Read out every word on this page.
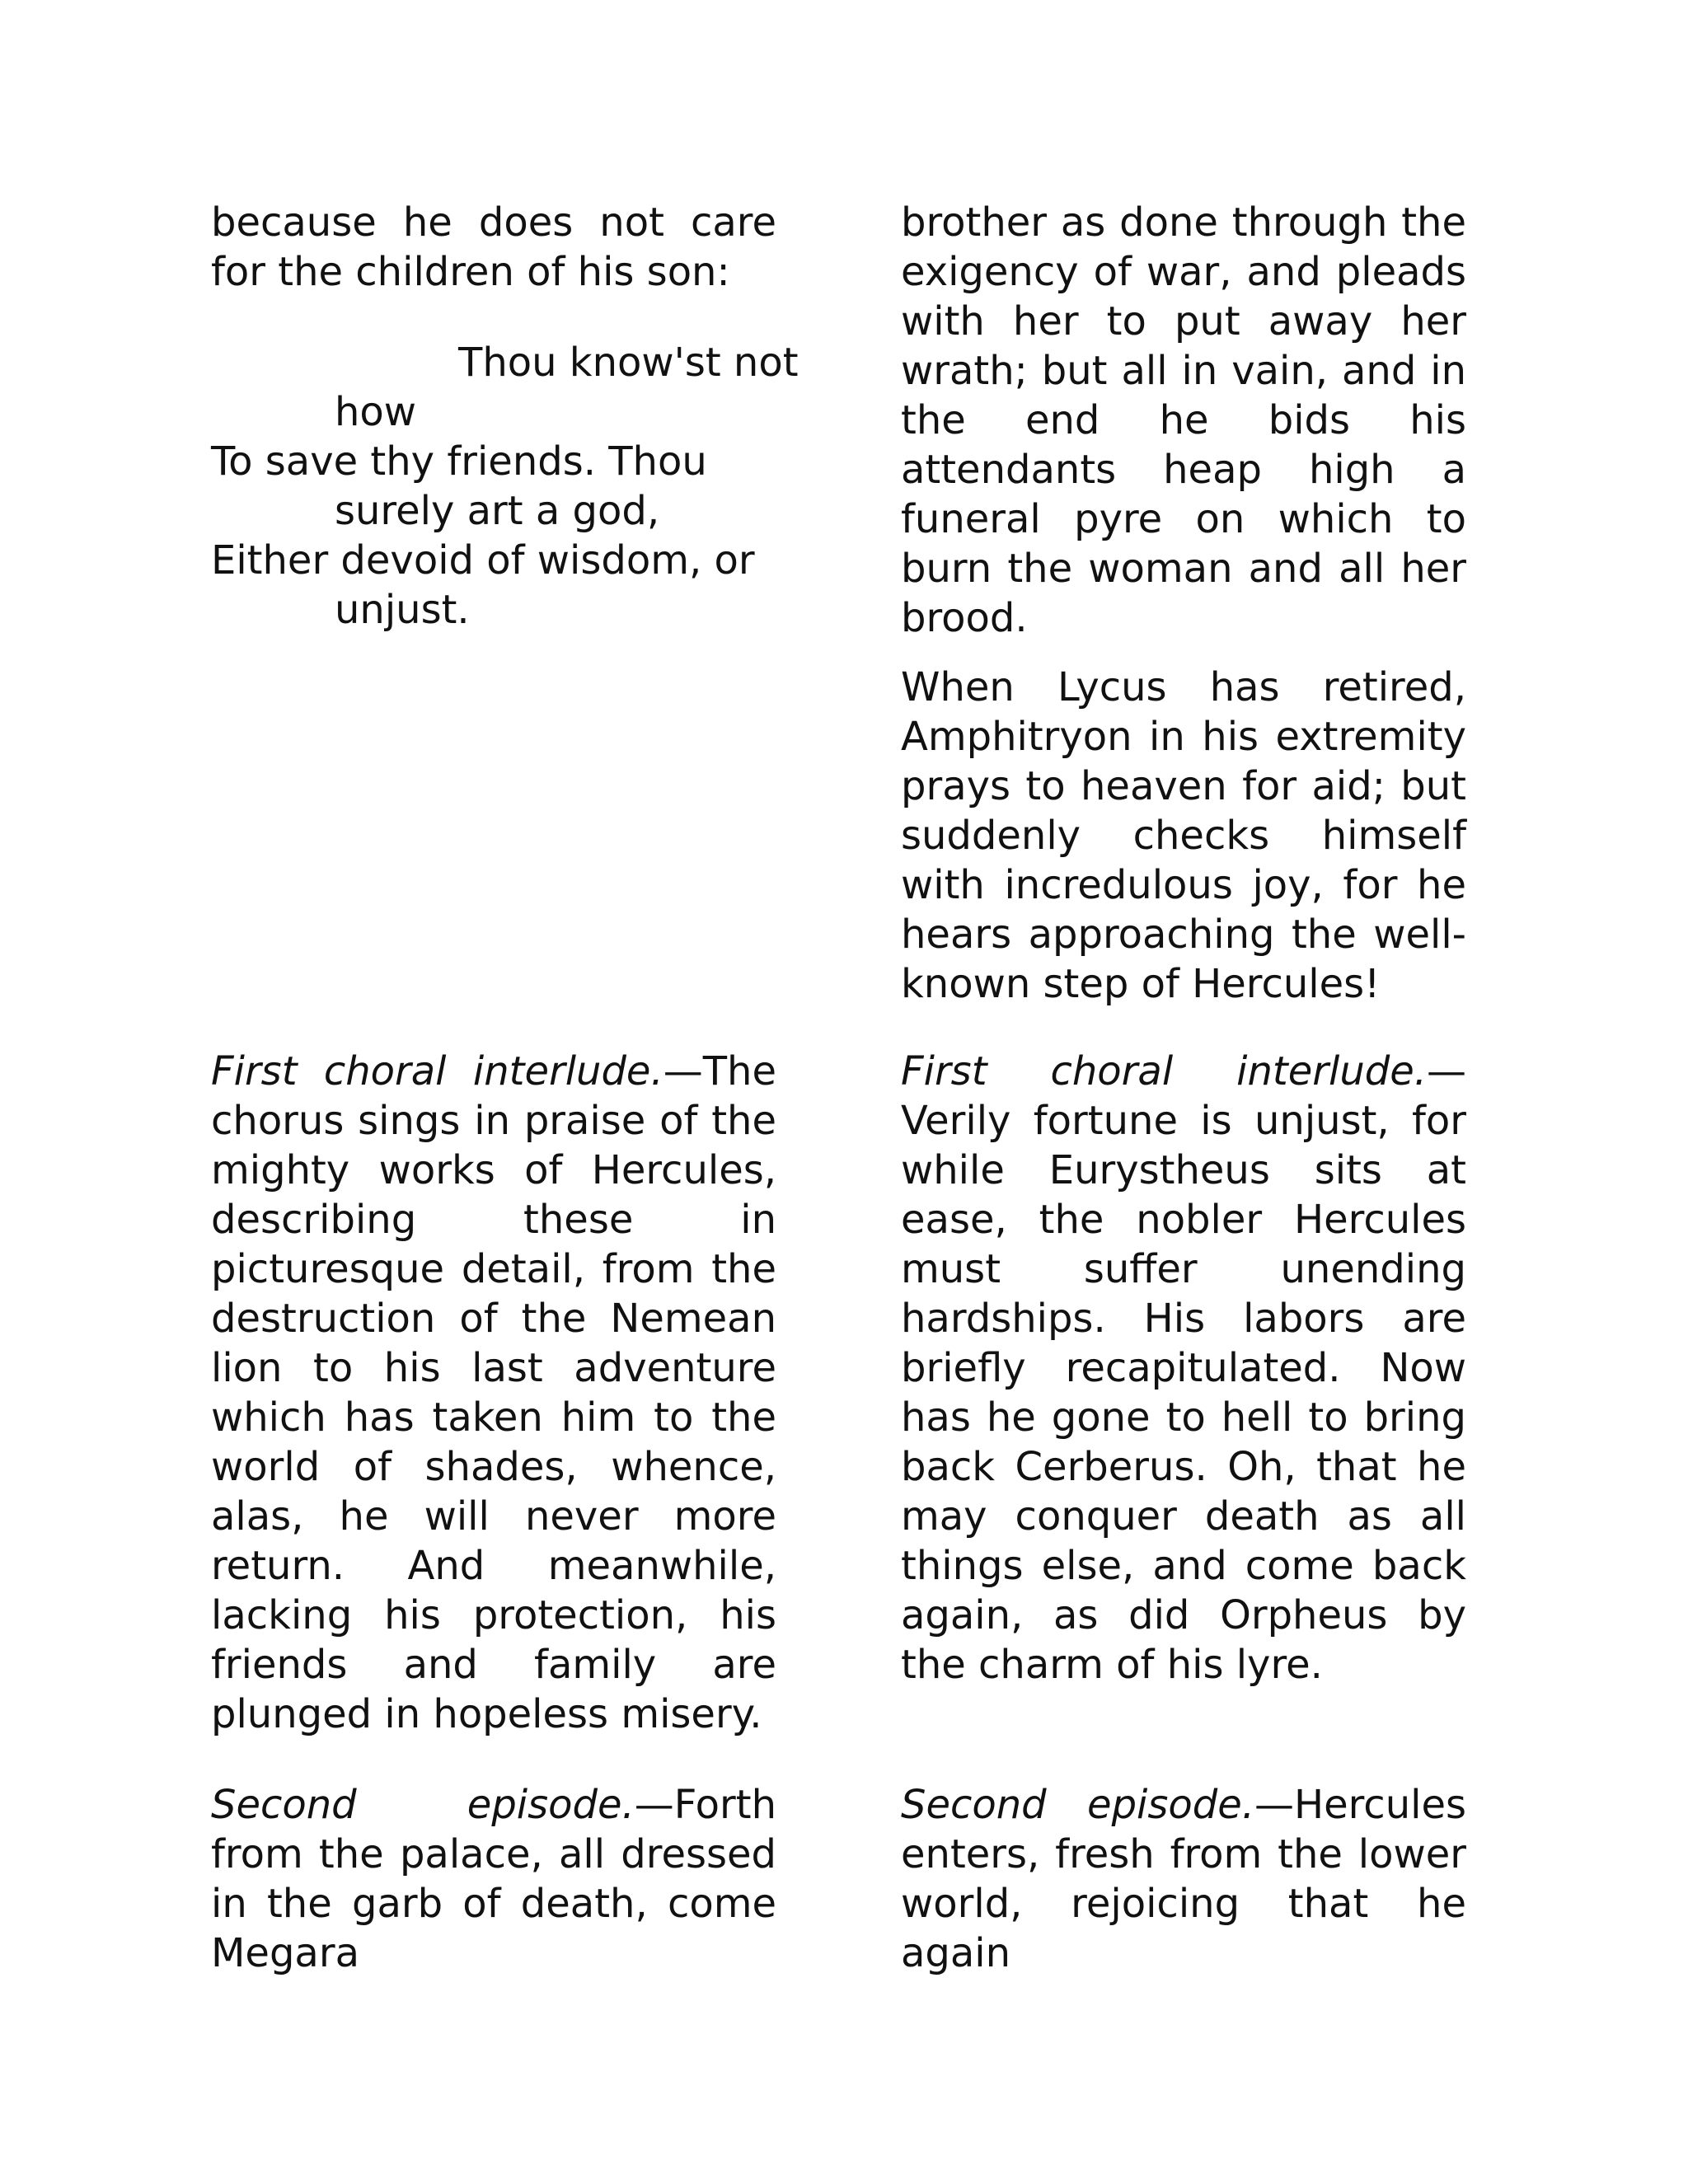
because he does not care for the children of his son:

Thou know'st not
how
To save thy friends. Thou
surely art a god,
Either devoid of wisdom, or
unjust.

First choral interlude.—The chorus sings in praise of the mighty works of Hercules, describing these in picturesque detail, from the destruction of the Nemean lion to his last adventure which has taken him to the world of shades, whence, alas, he will never more return. And meanwhile, lacking his protection, his friends and family are plunged in hopeless misery.

Second episode.—Forth from the palace, all dressed in the garb of death, come Megara

brother as done through the exigency of war, and pleads with her to put away her wrath; but all in vain, and in the end he bids his attendants heap high a funeral pyre on which to burn the woman and all her brood.

When Lycus has retired, Amphitryon in his extremity prays to heaven for aid; but suddenly checks himself with incredulous joy, for he hears approaching the well-known step of Hercules!

First choral interlude.—Verily fortune is unjust, for while Eurystheus sits at ease, the nobler Hercules must suffer unending hardships. His labors are briefly recapitulated. Now has he gone to hell to bring back Cerberus. Oh, that he may conquer death as all things else, and come back again, as did Orpheus by the charm of his lyre.

Second episode.—Hercules enters, fresh from the lower world, rejoicing that he again
